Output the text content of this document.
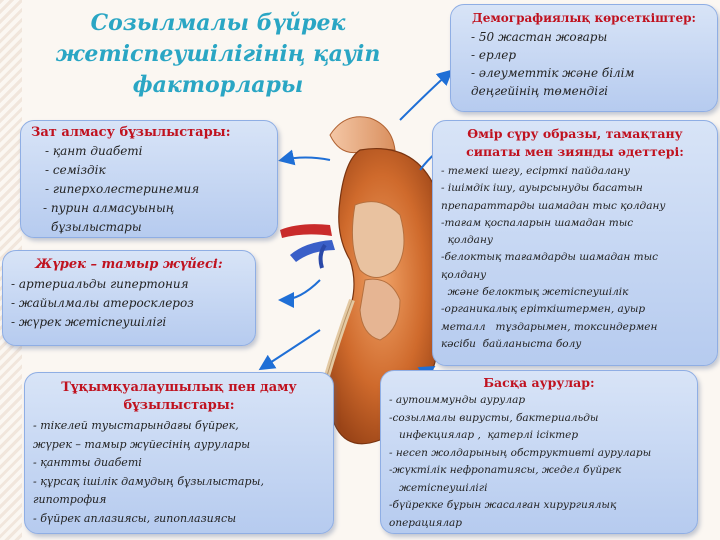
Созылмалы бүйрек
жетіспеушілігінің қауіп
факторлары
Демографиялық көрсеткіштер:
- 50 жастан жоғары
- ерлер
- әлеуметтік және білім
деңгейінің төмендігі
Зат алмасу бұзылыстары:
- қант диабеті
- семіздік
- гиперхолестеринемия
- пурин алмасуының
бұзылыстары
Өмір сүру образы, тамақтану
сипаты мен зиянды әдеттері:
- темекі шегу, есірткі пайдалану
- ішімдік ішу, ауырсынуды басатын
препараттарды шамадан тыс қолдану
-тағам қоспаларын шамадан тыс
қолдану
-белоктық тағамдарды шамадан тыс
қолдану
және белоктық жетіспеушілік
-органикалық еріткіштермен, ауыр
металл   тұздарымен, токсиндермен
кәсіби  байланыста болу
Жүрек – тамыр жүйесі:
- артериальды гипертония
- жайылмалы атеросклероз
- жүрек жетіспеушілігі
Тұқымқуалаушылық пен даму
бұзылыстары:
- тікелей туыстарындағы бүйрек,
жүрек – тамыр жүйесінің аурулары
- қантты диабеті
- құрсақ ішілік дамудың бұзылыстары,
гипотрофия
- бүйрек аплазиясы, гипоплазиясы
Басқа аурулар:
- аутоиммунды аурулар
-созылмалы вирусты, бактериальды
инфекциялар ,  қатерлі ісіктер
- несеп жолдарының обструктивті аурулары
-жүктілік нефропатиясы, жедел бүйрек
жетіспеушілігі
-бүйрекке бұрын жасалған хирургиялық
операциялар
